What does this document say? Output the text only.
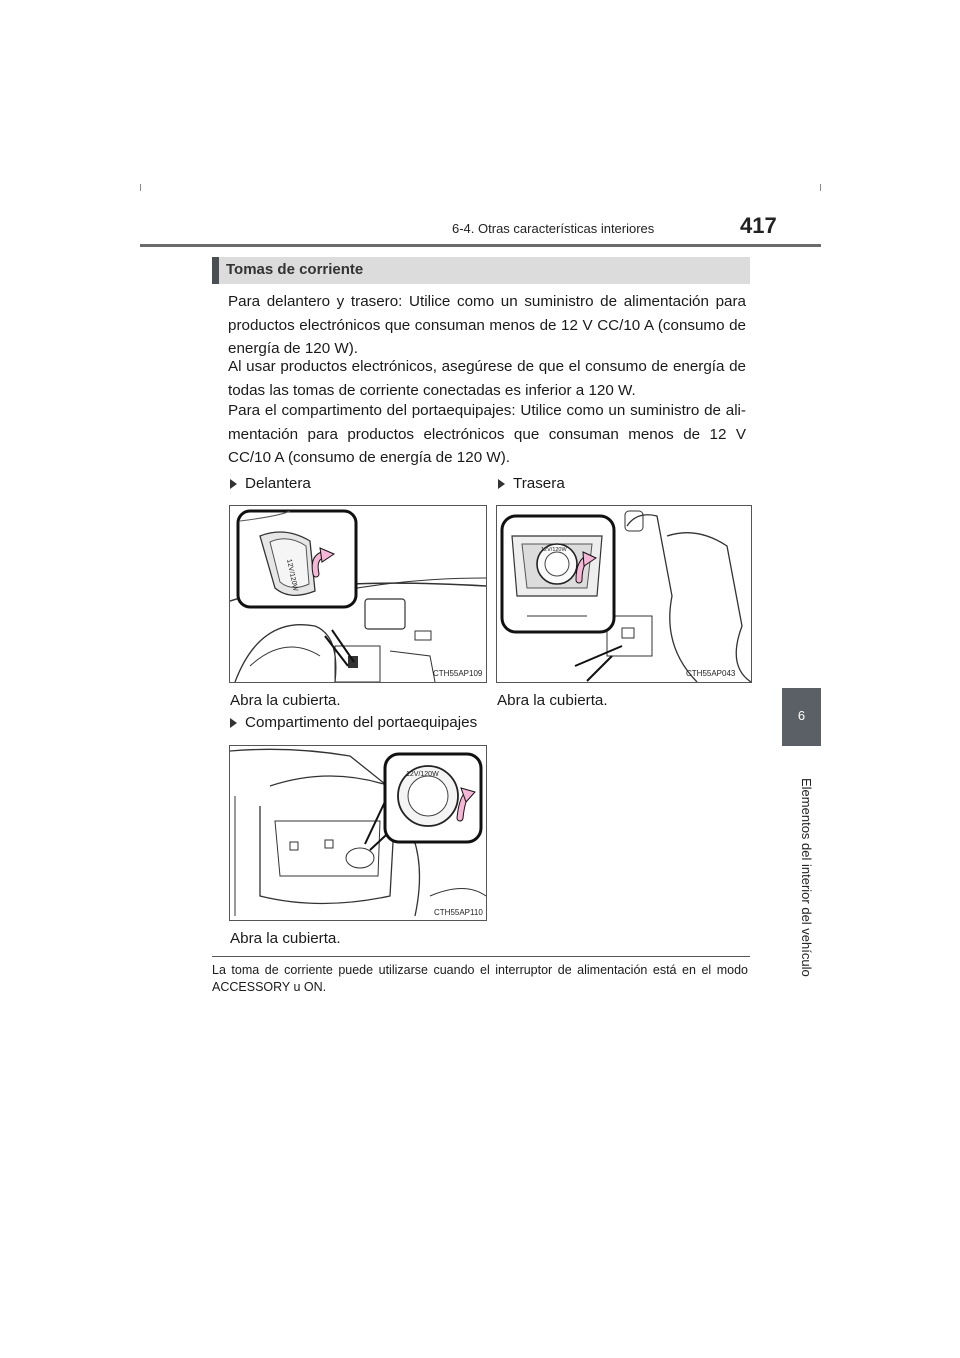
6-4. Otras características interiores	417
6
Elementos del interior del vehículo
Tomas de corriente

Para delantero y trasero: Utilice como un suministro de alimentación para productos electrónicos que consuman menos de 12 V CC/10 A (consumo de energía de 120 W).

Al usar productos electrónicos, asegúrese de que el consumo de energía de todas las tomas de corriente conectadas es inferior a 120 W.

Para el compartimento del portaequipajes: Utilice como un suministro de ali-mentación para productos electrónicos que consuman menos de 12 V CC/10 A (consumo de energía de 120 W).

Delantera	Trasera
12V/120W
CTH55AP109
12V/120W
CTH55AP043
Abra la cubierta.	Abra la cubierta.
Compartimento del portaequipajes
12V/120W
CTH55AP110
Abra la cubierta.
La toma de corriente puede utilizarse cuando el interruptor de alimentación está en el modo ACCESSORY u ON.
